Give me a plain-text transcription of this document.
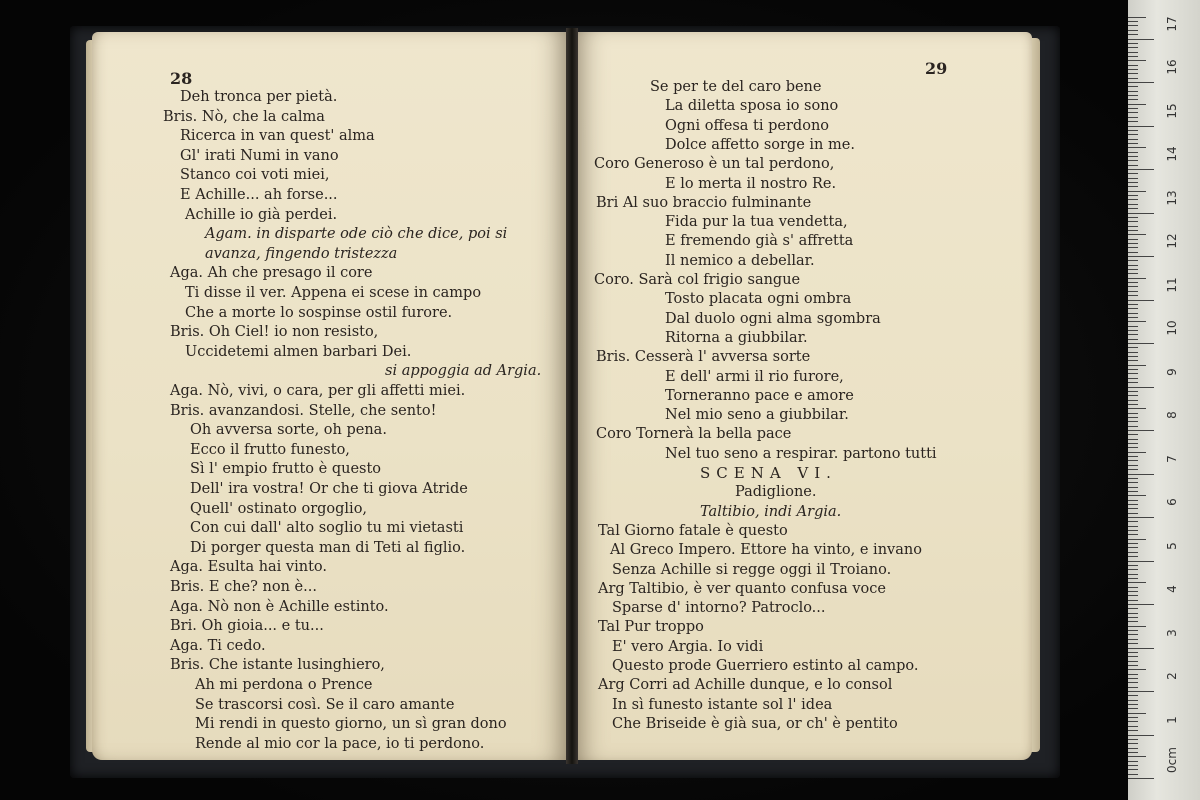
28
Deh tronca per pietà.
Bris. Nò, che la calma
Ricerca in van quest' alma
Gl' irati Numi in vano
Stanco coi voti miei,
E Achille... ah forse...
Achille io già perdei.
Agam. in disparte ode ciò che dice, poi si
avanza, fingendo tristezza
Aga. Ah che presago il core
Ti disse il ver. Appena ei scese in campo
Che a morte lo sospinse ostil furore.
Bris. Oh Ciel! io non resisto,
Uccidetemi almen barbari Dei.
si appoggia ad Argia.
Aga. Nò, vivi, o cara, per gli affetti miei.
Bris. avanzandosi. Stelle, che sento!
Oh avversa sorte, oh pena.
Ecco il frutto funesto,
Sì l' empio frutto è questo
Dell' ira vostra! Or che ti giova Atride
Quell' ostinato orgoglio,
Con cui dall' alto soglio tu mi vietasti
Di porger questa man di Teti al figlio.
Aga. Esulta hai vinto.
Bris. E che? non è...
Aga. Nò non è Achille estinto.
Bri. Oh gioia... e tu...
Aga. Ti cedo.
Bris. Che istante lusinghiero,
Ah mi perdona o Prence
Se trascorsi così. Se il caro amante
Mi rendi in questo giorno, un sì gran dono
Rende al mio cor la pace, io ti perdono.
29
Se per te del caro bene
La diletta sposa io sono
Ogni offesa ti perdono
Dolce affetto sorge in me.
Coro Generoso è un tal perdono,
E lo merta il nostro Re.
Bri Al suo braccio fulminante
Fida pur la tua vendetta,
E fremendo già s' affretta
Il nemico a debellar.
Coro. Sarà col frigio sangue
Tosto placata ogni ombra
Dal duolo ogni alma sgombra
Ritorna a giubbilar.
Bris. Cesserà l' avversa sorte
E dell' armi il rio furore,
Torneranno pace e amore
Nel mio seno a giubbilar.
Coro Tornerà la bella pace
Nel tuo seno a respirar. partono tutti
SCENA VI.
Padiglione.
Taltibio, indi Argia.
Tal Giorno fatale è questo
Al Greco Impero. Ettore ha vinto, e invano
Senza Achille si regge oggi il Troiano.
Arg Taltibio, è ver quanto confusa voce
Sparse d' intorno? Patroclo...
Tal Pur troppo
E' vero Argia. Io vidi
Questo prode Guerriero estinto al campo.
Arg Corri ad Achille dunque, e lo consol
In sì funesto istante sol l' idea
Che Briseide è già sua, or ch' è pentito
0cm
1
2
3
4
5
6
7
8
9
10
11
12
13
14
15
16
17
